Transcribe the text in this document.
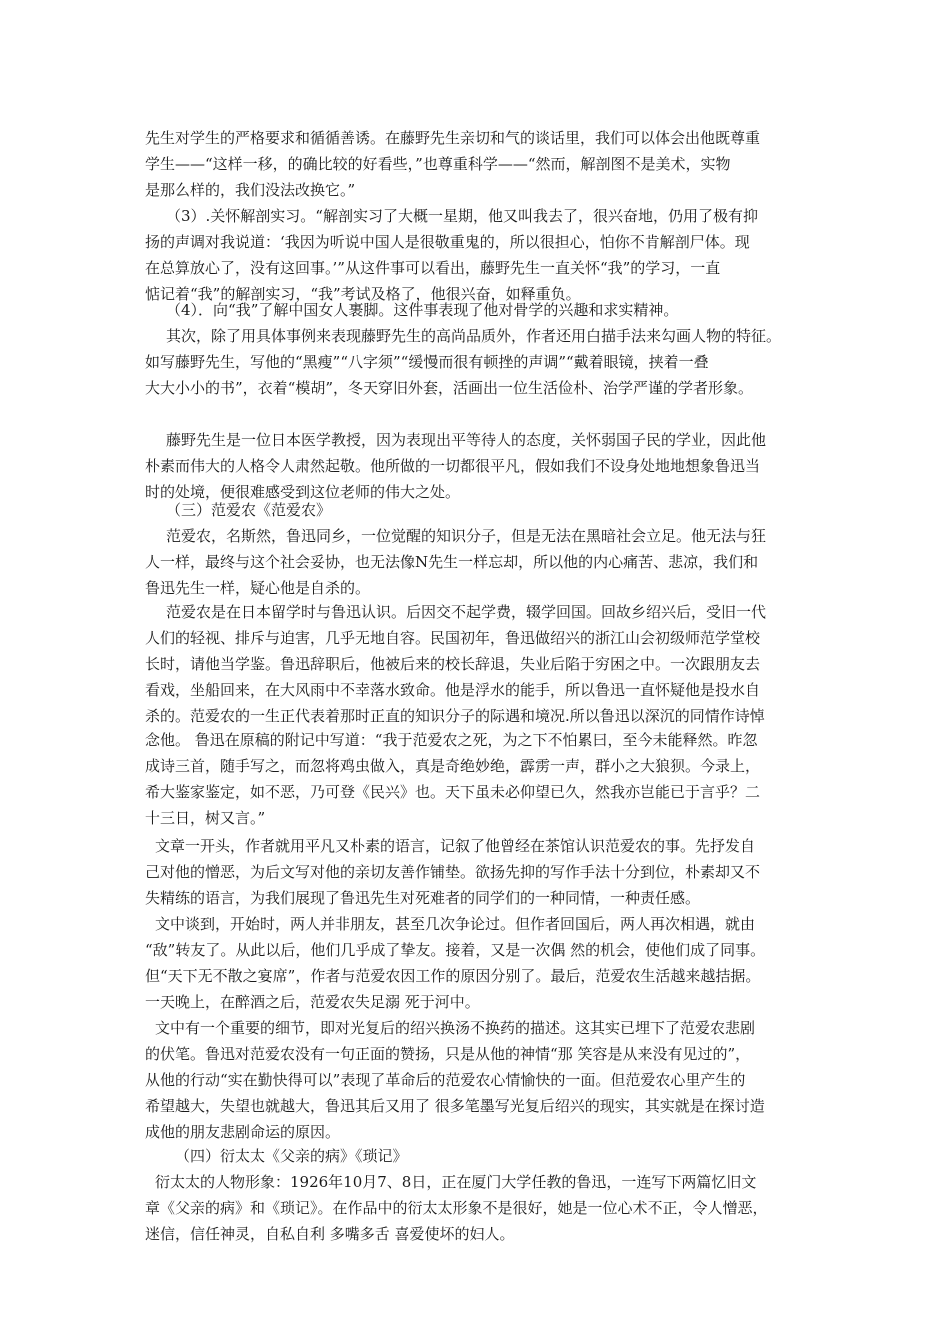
先生对学生的严格要求和循循善诱。在藤野先生亲切和气的谈话里，我们可以体会出他既尊重
学生——“这样一移，的确比较的好看些，”也尊重科学——“然而，解剖图不是美术，实物
是那么样的，我们没法改换它。”
（3）.关怀解剖实习。“解剖实习了大概一星期，他又叫我去了，很兴奋地，仍用了极有抑
扬的声调对我说道：‘我因为听说中国人是很敬重鬼的，所以很担心，怕你不肯解剖尸体。现
在总算放心了，没有这回事。’”从这件事可以看出，藤野先生一直关怀“我”的学习，一直
惦记着“我”的解剖实习，“我”考试及格了，他很兴奋，如释重负。
（4）．向“我”了解中国女人裹脚。这件事表现了他对骨学的兴趣和求实精神。
其次，除了用具体事例来表现藤野先生的高尚品质外，作者还用白描手法来勾画人物的特征。
如写藤野先生，写他的“黑瘦”“八字须”“缓慢而很有顿挫的声调”“戴着眼镜，挟着一叠
大大小小的书”，衣着“模胡”，冬天穿旧外套，活画出一位生活俭朴、治学严谨的学者形象。
藤野先生是一位日本医学教授，因为表现出平等待人的态度，关怀弱国子民的学业，因此他
朴素而伟大的人格令人肃然起敬。他所做的一切都很平凡，假如我们不设身处地地想象鲁迅当
时的处境，便很难感受到这位老师的伟大之处。
（三）范爱农《范爱农》
范爱农，名斯然，鲁迅同乡，一位觉醒的知识分子，但是无法在黑暗社会立足。他无法与狂
人一样，最终与这个社会妥协，也无法像N先生一样忘却，所以他的内心痛苦、悲凉，我们和
鲁迅先生一样，疑心他是自杀的。
范爱农是在日本留学时与鲁迅认识。后因交不起学费，辍学回国。回故乡绍兴后，受旧一代
人们的轻视、排斥与迫害，几乎无地自容。民国初年，鲁迅做绍兴的浙江山会初级师范学堂校
长时，请他当学鉴。鲁迅辞职后，他被后来的校长辞退，失业后陷于穷困之中。一次跟朋友去
看戏，坐船回来，在大风雨中不幸落水致命。他是浮水的能手，所以鲁迅一直怀疑他是投水自
杀的。范爱农的一生正代表着那时正直的知识分子的际遇和境况.所以鲁迅以深沉的同情作诗悼
念他。 鲁迅在原稿的附记中写道：“我于范爱农之死，为之下不怕累曰，至今未能释然。昨忽
成诗三首，随手写之，而忽将鸡虫做入，真是奇绝妙绝，霹雳一声，群小之大狼狈。今录上，
希大鉴家鉴定，如不恶，乃可登《民兴》也。天下虽未必仰望已久，然我亦岂能已于言乎？二
十三日，树又言。”
文章一开头，作者就用平凡又朴素的语言，记叙了他曾经在茶馆认识范爱农的事。先抒发自
己对他的憎恶，为后文写对他的亲切友善作铺垫。欲扬先抑的写作手法十分到位，朴素却又不
失精练的语言，为我们展现了鲁迅先生对死难者的同学们的一种同情，一种责任感。
文中谈到，开始时，两人并非朋友，甚至几次争论过。但作者回国后，两人再次相遇，就由
“敌”转友了。从此以后，他们几乎成了挚友。接着，又是一次偶 然的机会，使他们成了同事。
但“天下无不散之宴席”，作者与范爱农因工作的原因分别了。最后，范爱农生活越来越拮据。
一天晚上，在醉酒之后，范爱农失足溺 死于河中。
文中有一个重要的细节，即对光复后的绍兴换汤不换药的描述。这其实已埋下了范爱农悲剧
的伏笔。鲁迅对范爱农没有一句正面的赞扬，只是从他的神情“那 笑容是从来没有见过的”，
从他的行动“实在勤快得可以”表现了革命后的范爱农心情愉快的一面。但范爱农心里产生的
希望越大，失望也就越大，鲁迅其后又用了 很多笔墨写光复后绍兴的现实，其实就是在探讨造
成他的朋友悲剧命运的原因。
（四）衍太太《父亲的病》《琐记》
衍太太的人物形象：1926年10月7、8日，正在厦门大学任教的鲁迅，一连写下两篇忆旧文
章《父亲的病》和《琐记》。在作品中的衍太太形象不是很好，她是一位心术不正，令人憎恶，
迷信，信任神灵，自私自利 多嘴多舌 喜爱使坏的妇人。
